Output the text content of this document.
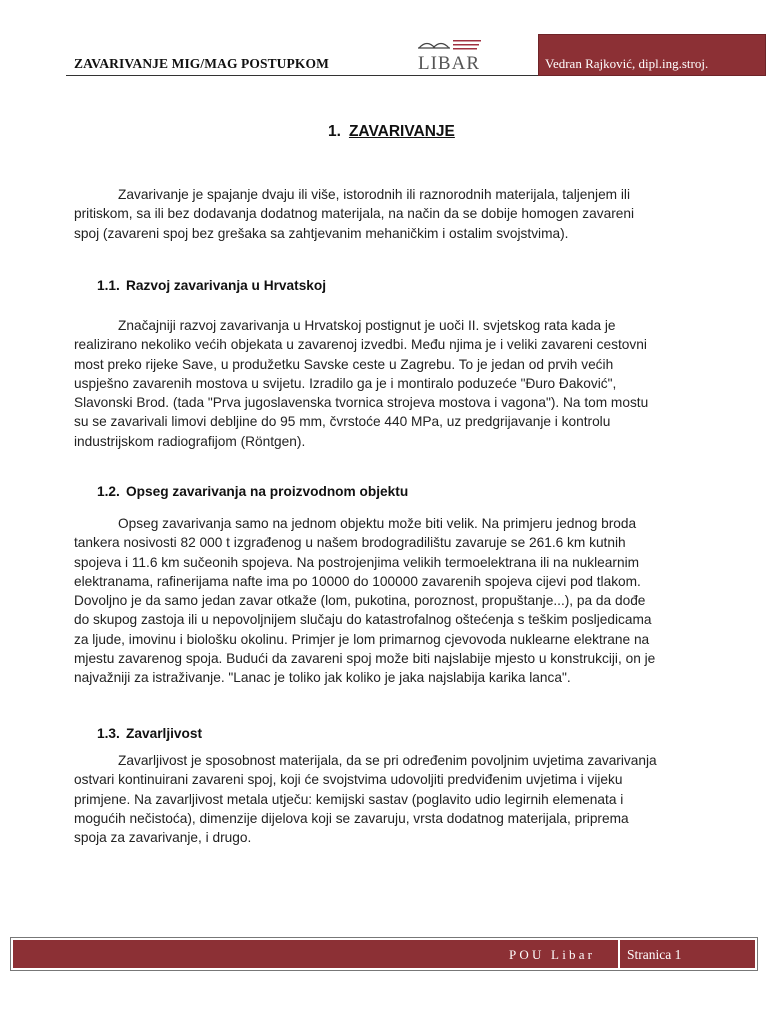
ZAVARIVANJE MIG/MAG POSTUPKOM	LIBAR	Vedran Rajković, dipl.ing.stroj.
1. ZAVARIVANJE
Zavarivanje je spajanje dvaju ili više, istorodnih ili raznorodnih materijala, taljenjem ili
pritiskom, sa ili bez dodavanja dodatnog materijala, na način da se dobije homogen zavareni
spoj (zavareni spoj bez grešaka sa zahtjevanim mehaničkim i ostalim svojstvima).
1.1. Razvoj zavarivanja u Hrvatskoj
Značajniji razvoj zavarivanja u Hrvatskoj postignut je uoči II. svjetskog rata kada je
realizirano nekoliko većih objekata u zavarenoj izvedbi. Među njima je i veliki zavareni cestovni
most preko rijeke Save, u produžetku Savske ceste u Zagrebu. To je jedan od prvih većih
uspješno zavarenih mostova u svijetu. Izradilo ga je i montiralo poduzeće "Đuro Đaković",
Slavonski Brod. (tada "Prva jugoslavenska tvornica strojeva mostova i vagona"). Na tom mostu
su se zavarivali limovi debljine do 95 mm, čvrstoće 440 MPa, uz predgrijavanje i kontrolu
industrijskom radiografijom (Röntgen).
1.2. Opseg zavarivanja na proizvodnom objektu
Opseg zavarivanja samo na jednom objektu može biti velik. Na primjeru jednog broda
tankera nosivosti 82 000 t izgrađenog u našem brodogradilištu zavaruje se 261.6 km kutnih
spojeva i 11.6 km sučeonih spojeva. Na postrojenjima velikih termoelektrana ili na nuklearnim
elektranama, rafinerijama nafte ima po 10000 do 100000 zavarenih spojeva cijevi pod tlakom.
Dovoljno je da samo jedan zavar otkaže (lom, pukotina, poroznost, propuštanje...), pa da dođe
do skupog zastoja ili u nepovoljnijem slučaju do katastrofalnog oštećenja s teškim posljedicama
za ljude, imovinu i biološku okolinu. Primjer je lom primarnog cjevovoda nuklearne elektrane na
mjestu zavarenog spoja. Budući da zavareni spoj može biti najslabije mjesto u konstrukciji, on je
najvažniji za istraživanje. "Lanac je toliko jak koliko je jaka najslabija karika lanca".
1.3. Zavarljivost
Zavarljivost je sposobnost materijala, da se pri određenim povoljnim uvjetima zavarivanja
ostvari kontinuirani zavareni spoj, koji će svojstvima udovoljiti predviđenim uvjetima i vijeku
primjene. Na zavarljivost metala utječu: kemijski sastav (poglavito udio legirnih elemenata i
mogućih nečistoća), dimenzije dijelova koji se zavaruju, vrsta dodatnog materijala, priprema
spoja za zavarivanje, i drugo.
POU Libar Stranica 1
